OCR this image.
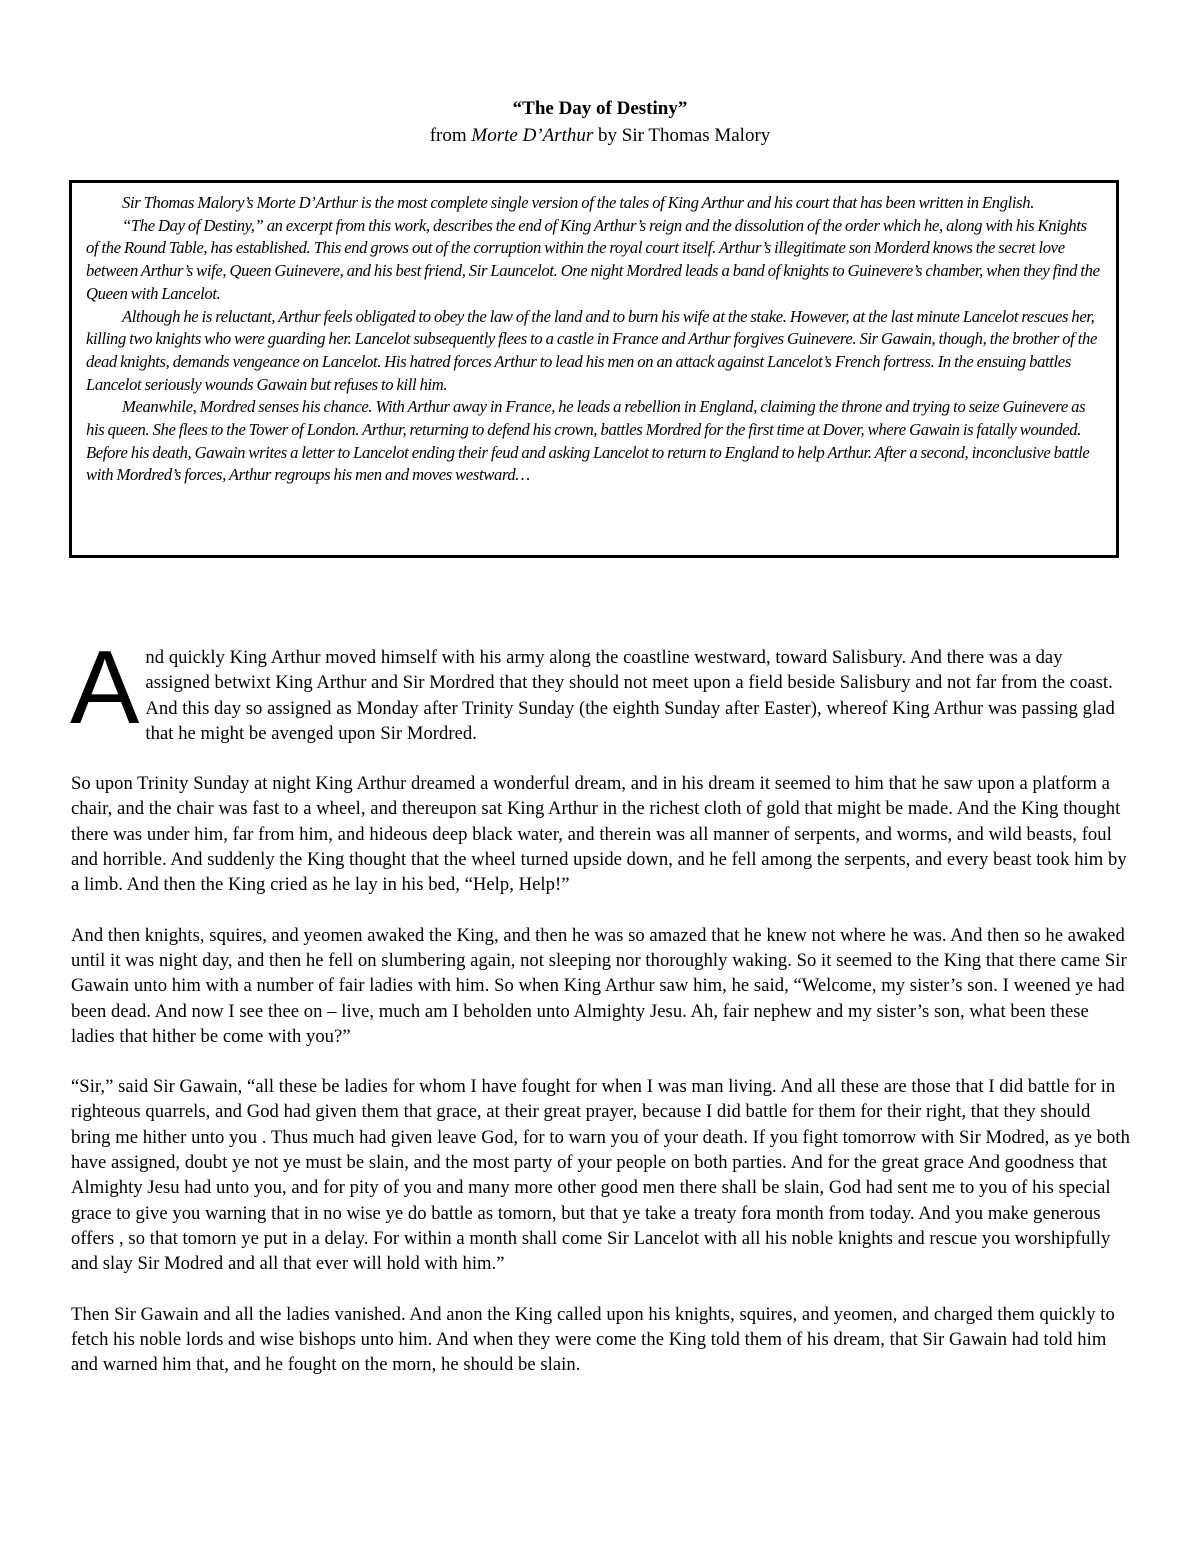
“The Day of Destiny”
from Morte D’Arthur by Sir Thomas Malory

Sir Thomas Malory’s Morte D’Arthur is the most complete single version of the tales of King Arthur and his court that has been written in English.

“The Day of Destiny,” an excerpt from this work, describes the end of King Arthur’s reign and the dissolution of the order which he, along with his Knights of the Round Table, has established. This end grows out of the corruption within the royal court itself. Arthur’s illegitimate son Morderd knows the secret love between Arthur’s wife, Queen Guinevere, and his best friend, Sir Launcelot. One night Mordred leads a band of knights to Guinevere’s chamber, when they find the Queen with Lancelot.

Although he is reluctant, Arthur feels obligated to obey the law of the land and to burn his wife at the stake. However, at the last minute Lancelot rescues her, killing two knights who were guarding her. Lancelot subsequently flees to a castle in France and Arthur forgives Guinevere. Sir Gawain, though, the brother of the dead knights, demands vengeance on Lancelot. His hatred forces Arthur to lead his men on an attack against Lancelot’s French fortress. In the ensuing battles Lancelot seriously wounds Gawain but refuses to kill him.

Meanwhile, Mordred senses his chance. With Arthur away in France, he leads a rebellion in England, claiming the throne and trying to seize Guinevere as his queen. She flees to the Tower of London. Arthur, returning to defend his crown, battles Mordred for the first time at Dover, where Gawain is fatally wounded. Before his death, Gawain writes a letter to Lancelot ending their feud and asking Lancelot to return to England to help Arthur. After a second, inconclusive battle with Mordred’s forces, Arthur regroups his men and moves westward…

And quickly King Arthur moved himself with his army along the coastline westward, toward Salisbury. And there was a day assigned betwixt King Arthur and Sir Mordred that they should not meet upon a field beside Salisbury and not far from the coast. And this day so assigned as Monday after Trinity Sunday (the eighth Sunday after Easter), whereof King Arthur was passing glad that he might be avenged upon Sir Mordred.

So upon Trinity Sunday at night King Arthur dreamed a wonderful dream, and in his dream it seemed to him that he saw upon a platform a chair, and the chair was fast to a wheel, and thereupon sat King Arthur in the richest cloth of gold that might be made. And the King thought there was under him, far from him, and hideous deep black water, and therein was all manner of serpents, and worms, and wild beasts, foul and horrible. And suddenly the King thought that the wheel turned upside down, and he fell among the serpents, and every beast took him by a limb. And then the King cried as he lay in his bed, “Help, Help!”

And then knights, squires, and yeomen awaked the King, and then he was so amazed that he knew not where he was. And then so he awaked until it was night day, and then he fell on slumbering again, not sleeping nor thoroughly waking. So it seemed to the King that there came Sir Gawain unto him with a number of fair ladies with him. So when King Arthur saw him, he said, “Welcome, my sister’s son. I weened ye had been dead. And now I see thee on – live, much am I beholden unto Almighty Jesu. Ah, fair nephew and my sister’s son, what been these ladies that hither be come with you?”

“Sir,” said Sir Gawain, “all these be ladies for whom I have fought for when I was man living. And all these are those that I did battle for in righteous quarrels, and God had given them that grace, at their great prayer, because I did battle for them for their right, that they should bring me hither unto you . Thus much had given leave God, for to warn you of your death. If you fight tomorrow with Sir Modred, as ye both have assigned, doubt ye not ye must be slain, and the most party of your people on both parties. And for the great grace And goodness that Almighty Jesu had unto you, and for pity of you and many more other good men there shall be slain, God had sent me to you of his special grace to give you warning that in no wise ye do battle as tomorn, but that ye take a treaty fora month from today. And you make generous offers , so that tomorn ye put in a delay. For within a month shall come Sir Lancelot with all his noble knights and rescue you worshipfully and slay Sir Modred and all that ever will hold with him.”

Then Sir Gawain and all the ladies vanished. And anon the King called upon his knights, squires, and yeomen, and charged them quickly to fetch his noble lords and wise bishops unto him. And when they were come the King told them of his dream, that Sir Gawain had told him and warned him that, and he fought on the morn, he should be slain.
